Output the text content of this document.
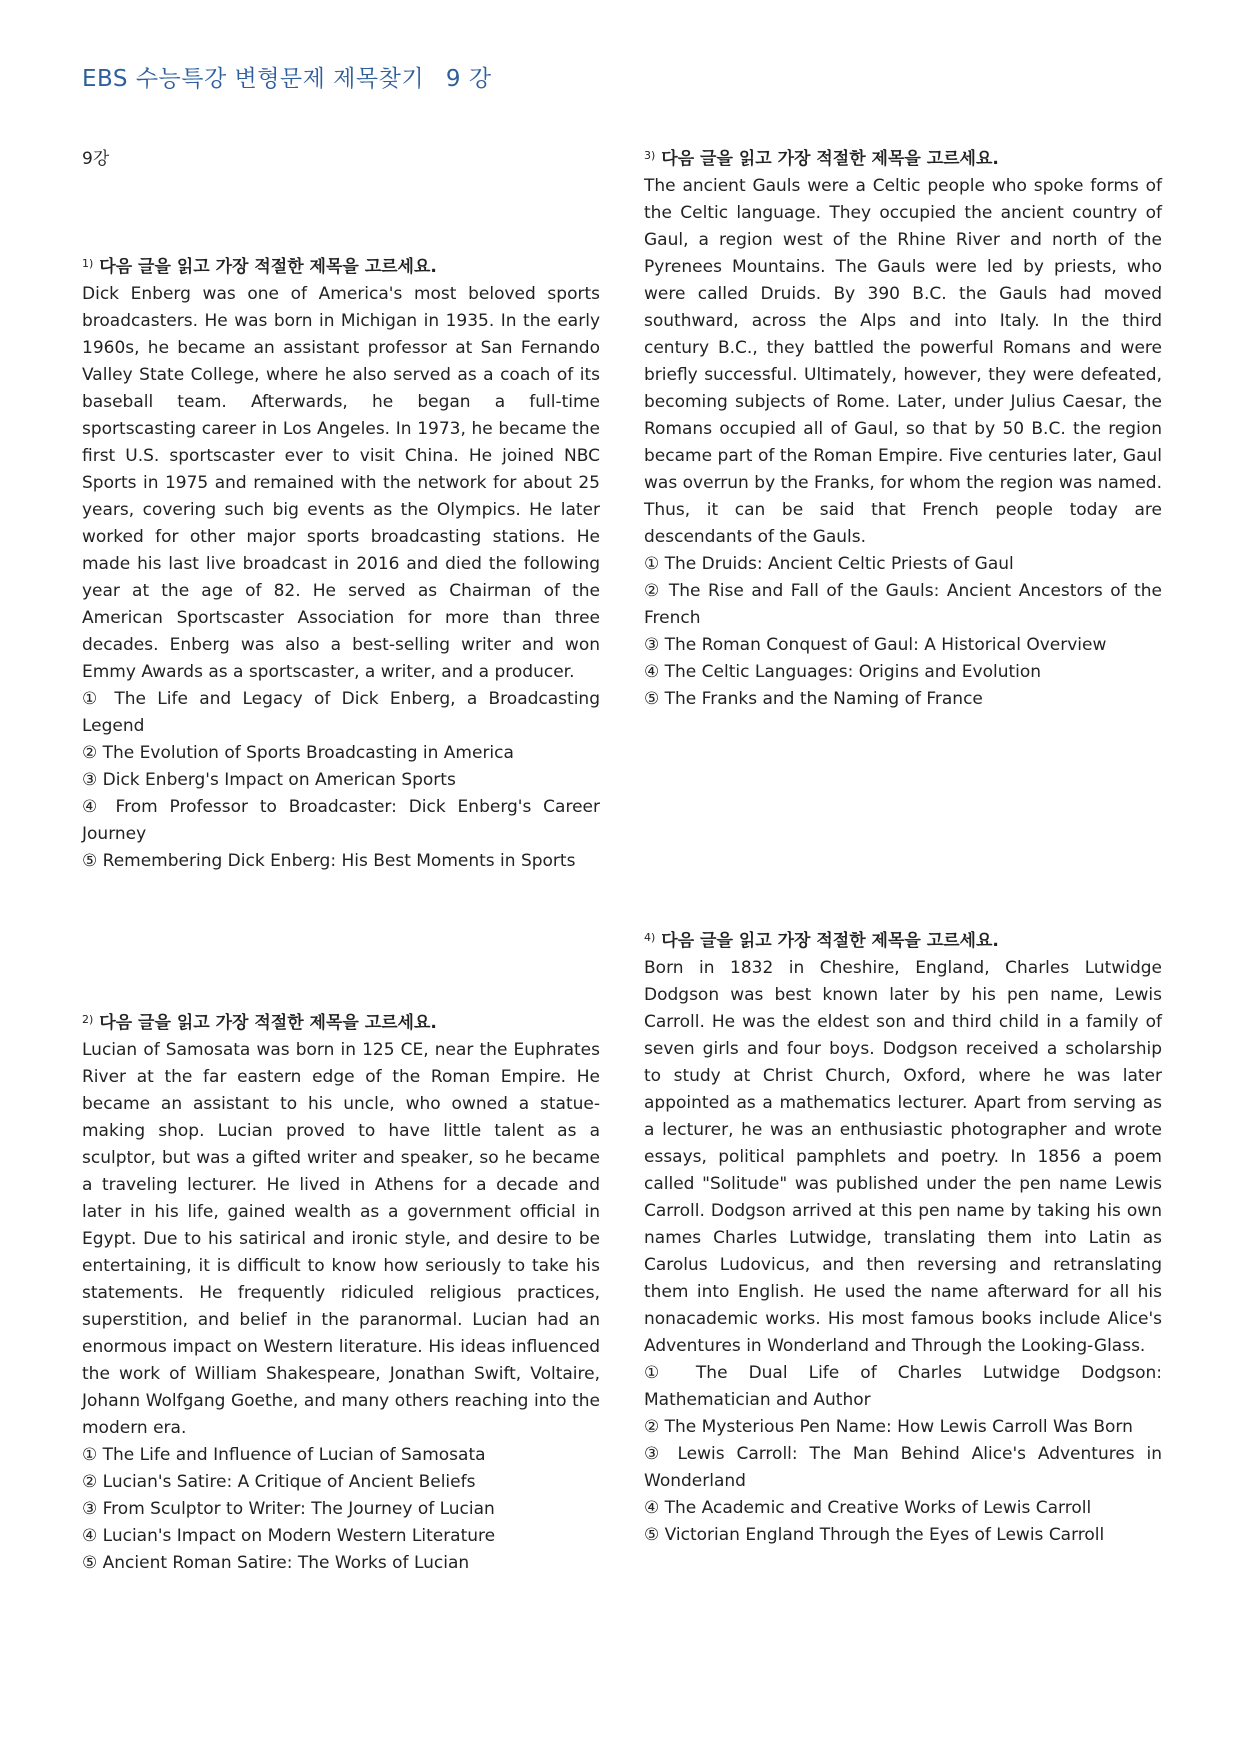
EBS 수능특강 변형문제 제목찾기 9 강
9강
$^{1)}$ 다음 글을 읽고 가장 적절한 제목을 고르세요.

Dick Enberg was one of America's most beloved sports broadcasters. He was born in Michigan in 1935. In the early 1960s, he became an assistant professor at San Fernando Valley State College, where he also served as a coach of its baseball team. Afterwards, he began a full-time sportscasting career in Los Angeles. In 1973, he became the first U.S. sportscaster ever to visit China. He joined NBC Sports in 1975 and remained with the network for about 25 years, covering such big events as the Olympics. He later worked for other major sports broadcasting stations. He made his last live broadcast in 2016 and died the following year at the age of 82. He served as Chairman of the American Sportscaster Association for more than three decades. Enberg was also a best-selling writer and won Emmy Awards as a sportscaster, a writer, and a producer.

① The Life and Legacy of Dick Enberg, a Broadcasting Legend
② The Evolution of Sports Broadcasting in America
③ Dick Enberg's Impact on American Sports
④ From Professor to Broadcaster: Dick Enberg's Career Journey
⑤ Remembering Dick Enberg: His Best Moments in Sports
$^{2)}$ 다음 글을 읽고 가장 적절한 제목을 고르세요.

Lucian of Samosata was born in 125 CE, near the Euphrates River at the far eastern edge of the Roman Empire. He became an assistant to his uncle, who owned a statue-making shop. Lucian proved to have little talent as a sculptor, but was a gifted writer and speaker, so he became a traveling lecturer. He lived in Athens for a decade and later in his life, gained wealth as a government official in Egypt. Due to his satirical and ironic style, and desire to be entertaining, it is difficult to know how seriously to take his statements. He frequently ridiculed religious practices, superstition, and belief in the paranormal. Lucian had an enormous impact on Western literature. His ideas influenced the work of William Shakespeare, Jonathan Swift, Voltaire, Johann Wolfgang Goethe, and many others reaching into the modern era.

① The Life and Influence of Lucian of Samosata
② Lucian's Satire: A Critique of Ancient Beliefs
③ From Sculptor to Writer: The Journey of Lucian
④ Lucian's Impact on Modern Western Literature
⑤ Ancient Roman Satire: The Works of Lucian
$^{3)}$ 다음 글을 읽고 가장 적절한 제목을 고르세요.

The ancient Gauls were a Celtic people who spoke forms of the Celtic language. They occupied the ancient country of Gaul, a region west of the Rhine River and north of the Pyrenees Mountains. The Gauls were led by priests, who were called Druids. By 390 B.C. the Gauls had moved southward, across the Alps and into Italy. In the third century B.C., they battled the powerful Romans and were briefly successful. Ultimately, however, they were defeated, becoming subjects of Rome. Later, under Julius Caesar, the Romans occupied all of Gaul, so that by 50 B.C. the region became part of the Roman Empire. Five centuries later, Gaul was overrun by the Franks, for whom the region was named. Thus, it can be said that French people today are descendants of the Gauls.

① The Druids: Ancient Celtic Priests of Gaul
② The Rise and Fall of the Gauls: Ancient Ancestors of the French
③ The Roman Conquest of Gaul: A Historical Overview
④ The Celtic Languages: Origins and Evolution
⑤ The Franks and the Naming of France
$^{4)}$ 다음 글을 읽고 가장 적절한 제목을 고르세요.

Born in 1832 in Cheshire, England, Charles Lutwidge Dodgson was best known later by his pen name, Lewis Carroll. He was the eldest son and third child in a family of seven girls and four boys. Dodgson received a scholarship to study at Christ Church, Oxford, where he was later appointed as a mathematics lecturer. Apart from serving as a lecturer, he was an enthusiastic photographer and wrote essays, political pamphlets and poetry. In 1856 a poem called "Solitude" was published under the pen name Lewis Carroll. Dodgson arrived at this pen name by taking his own names Charles Lutwidge, translating them into Latin as Carolus Ludovicus, and then reversing and retranslating them into English. He used the name afterward for all his nonacademic works. His most famous books include Alice's Adventures in Wonderland and Through the Looking-Glass.

① The Dual Life of Charles Lutwidge Dodgson: Mathematician and Author
② The Mysterious Pen Name: How Lewis Carroll Was Born
③ Lewis Carroll: The Man Behind Alice's Adventures in Wonderland
④ The Academic and Creative Works of Lewis Carroll
⑤ Victorian England Through the Eyes of Lewis Carroll
